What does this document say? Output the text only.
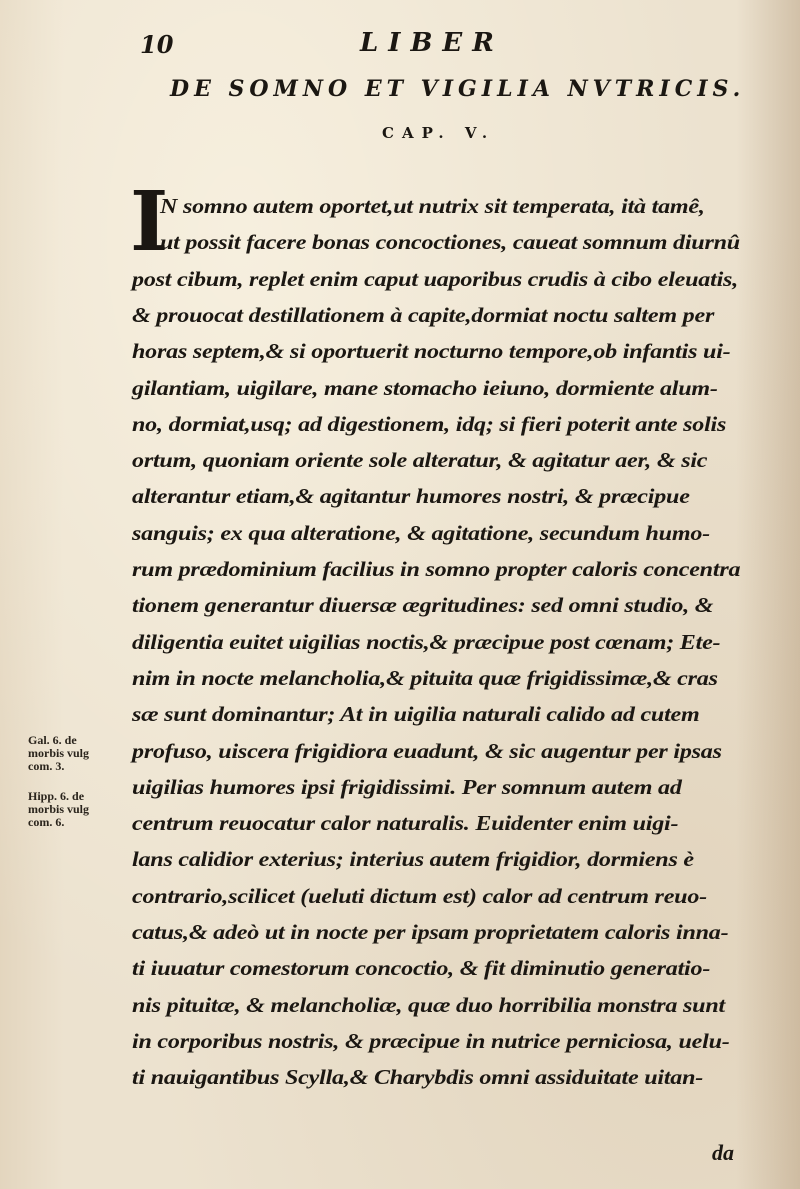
10	LIBER
DE SOMNO ET VIGILIA NVTRICIS.
CAP. V.
I
N somno autem oportet,ut nutrix sit temperata, ità tamê,
ut possit facere bonas concoctiones, caueat somnum diurnû
post cibum, replet enim caput uaporibus crudis à cibo eleuatis,
& prouocat destillationem à capite,dormiat noctu saltem per
horas septem,& si oportuerit nocturno tempore,ob infantis ui-
gilantiam, uigilare, mane stomacho ieiuno, dormiente alum-
no, dormiat,usq; ad digestionem, idq; si fieri poterit ante solis
ortum, quoniam oriente sole alteratur, & agitatur aer, & sic
alterantur etiam,& agitantur humores nostri, & præcipue
sanguis; ex qua alteratione, & agitatione, secundum humo-
rum prædominium facilius in somno propter caloris concentra
tionem generantur diuersæ ægritudines: sed omni studio, &
diligentia euitet uigilias noctis,& præcipue post cœnam; Ete-
nim in nocte melancholia,& pituita quæ frigidissimæ,& cras
sæ sunt dominantur; At in uigilia naturali calido ad cutem
profuso, uiscera frigidiora euadunt, & sic augentur per ipsas
uigilias humores ipsi frigidissimi. Per somnum autem ad
centrum reuocatur calor naturalis. Euidenter enim uigi-
lans calidior exterius; interius autem frigidior, dormiens è
contrario,scilicet (ueluti dictum est) calor ad centrum reuo-
catus,& adeò ut in nocte per ipsam proprietatem caloris inna-
ti iuuatur comestorum concoctio, & fit diminutio generatio-
nis pituitæ, & melancholiæ, quæ duo horribilia monstra sunt
in corporibus nostris, & præcipue in nutrice perniciosa, uelu-
ti nauigantibus Scylla,& Charybdis omni assiduitate uitan-
Gal. 6. de
morbis vulg
com. 3.
Hipp. 6. de
morbis vulg
com. 6.
da
